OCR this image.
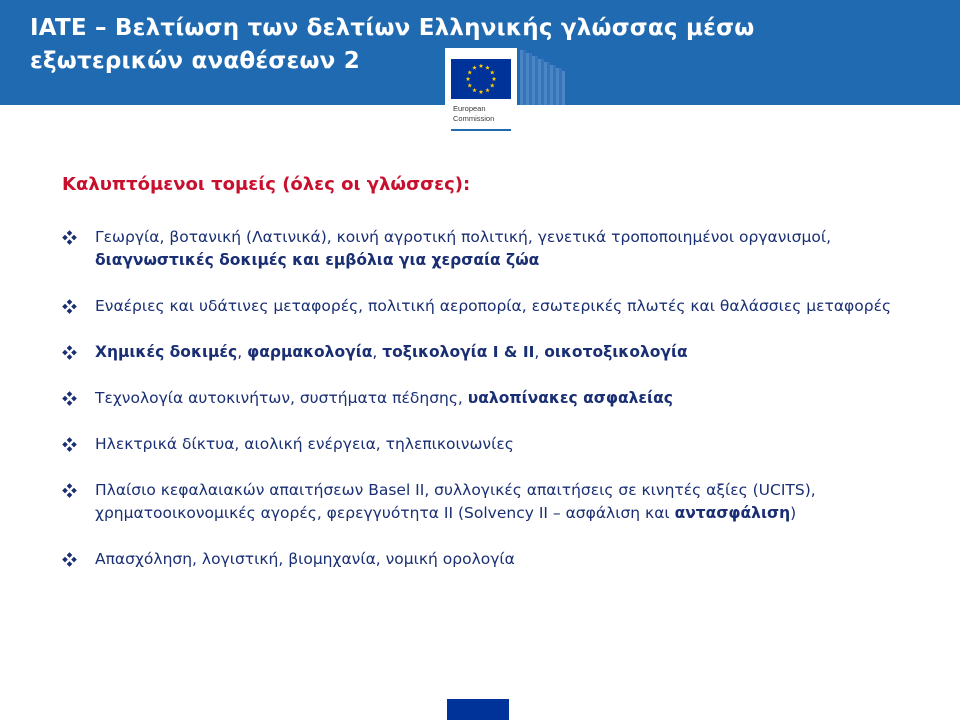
IATE – Βελτίωση των δελτίων Ελληνικής γλώσσας μέσω
εξωτερικών αναθέσεων 2
European
Commission
Καλυπτόμενοι τομείς (όλες οι γλώσσες):
Γεωργία, βοτανική (Λατινικά), κοινή αγροτική πολιτική, γενετικά τροποποιημένοι οργανισμοί, διαγνωστικές δοκιμές και εμβόλια για χερσαία ζώα
Εναέριες και υδάτινες μεταφορές, πολιτική αεροπορία, εσωτερικές πλωτές και θαλάσσιες μεταφορές
Χημικές δοκιμές, φαρμακολογία, τοξικολογία I & II, οικοτοξικολογία
Τεχνολογία αυτοκινήτων, συστήματα πέδησης, υαλοπίνακες ασφαλείας
Ηλεκτρικά δίκτυα, αιολική ενέργεια, τηλεπικοινωνίες
Πλαίσιο κεφαλαιακών απαιτήσεων Basel II, συλλογικές απαιτήσεις σε κινητές αξίες (UCITS), χρηματοοικονομικές αγορές, φερεγγυότητα II (Solvency II – ασφάλιση και αντασφάλιση)
Απασχόληση, λογιστική, βιομηχανία, νομική ορολογία
